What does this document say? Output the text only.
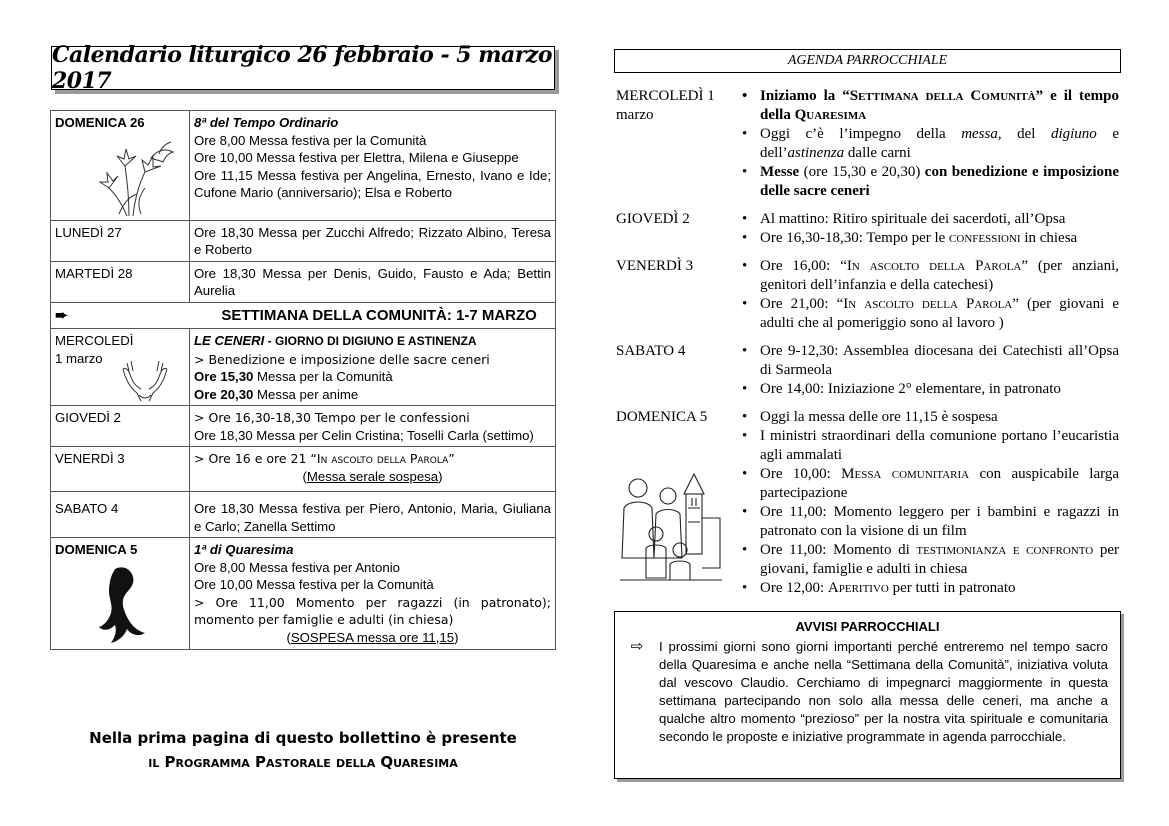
Calendario liturgico 26 febbraio - 5 marzo 2017
DOMENICA 26	8ª del Tempo Ordinario
Ore 8,00 Messa festiva per la Comunità
Ore 10,00 Messa festiva per Elettra, Milena e Giuseppe
Ore 11,15 Messa festiva per Angelina, Ernesto, Ivano e Ide; Cufone Mario (anniversario); Elsa e Roberto
LUNEDÌ 27	Ore 18,30 Messa per Zucchi Alfredo; Rizzato Albino, Teresa e Roberto
MARTEDÌ 28	Ore 18,30 Messa per Denis, Guido, Fausto e Ada; Bettin Aurelia

➨ SETTIMANA DELLA COMUNITÀ: 1-7 MARZO	

MERCOLEDÌ 1 marzo	LE CENERI - GIORNO DI DIGIUNO E ASTINENZA
> Benedizione e imposizione delle sacre ceneri
Ore 15,30 Messa per la Comunità
Ore 20,30 Messa per anime
GIOVEDÌ 2	> Ore 16,30-18,30 Tempo per le confessioni
Ore 18,30 Messa per Celin Cristina; Toselli Carla (settimo)
VENERDÌ 3	> Ore 16 e ore 21 “In ascolto della Parola”

(Messa serale sospesa)

SABATO 4	Ore 18,30 Messa festiva per Piero, Antonio, Maria, Giuliana e Carlo; Zanella Settimo
DOMENICA 5	1ª di Quaresima
Ore 8,00 Messa festiva per Antonio
Ore 10,00 Messa festiva per la Comunità
> Ore 11,00 Momento per ragazzi (in patronato); momento per famiglie e adulti (in chiesa)

(SOSPESA messa ore 11,15)
Nella prima pagina di questo bollettino è presente
il Programma Pastorale della Quaresima
AGENDA PARROCCHIALE
MERCOLEDÌ 1 marzo
• Iniziamo la “Settimana della Comunità” e il tempo della Quaresima
• Oggi c’è l’impegno della messa, del digiuno e dell’astinenza dalle carni
• Messe (ore 15,30 e 20,30) con benedizione e imposizione delle sacre ceneri
GIOVEDÌ 2	• Al mattino: Ritiro spirituale dei sacerdoti, all’Opsa
• Ore 16,30-18,30: Tempo per le confessioni in chiesa
VENERDÌ 3	• Ore 16,00: “In ascolto della Parola” (per anziani, genitori dell’infanzia e della catechesi)
• Ore 21,00: “In ascolto della Parola” (per giovani e adulti che al pomeriggio sono al lavoro )
SABATO 4	• Ore 9-12,30: Assemblea diocesana dei Catechisti all’Opsa di Sarmeola
• Ore 14,00: Iniziazione 2° elementare, in patronato
DOMENICA 5	• Oggi la messa delle ore 11,15 è sospesa
• I ministri straordinari della comunione portano l’eucaristia agli ammalati
• Ore 10,00: Messa comunitaria con auspicabile larga partecipazione
• Ore 11,00: Momento leggero per i bambini e ragazzi in patronato con la visione di un film
• Ore 11,00: Momento di testimonianza e confronto per giovani, famiglie e adulti in chiesa
• Ore 12,00: Aperitivo per tutti in patronato
AVVISI PARROCCHIALI
⇨	I prossimi giorni sono giorni importanti perché entreremo nel tempo sacro della Quaresima e anche nella “Settimana della Comunità”, iniziativa voluta dal vescovo Claudio. Cerchiamo di impegnarci maggiormente in questa settimana partecipando non solo alla messa delle ceneri, ma anche a qualche altro momento “prezioso” per la nostra vita spirituale e comunitaria secondo le proposte e iniziative programmate in agenda parrocchiale.
